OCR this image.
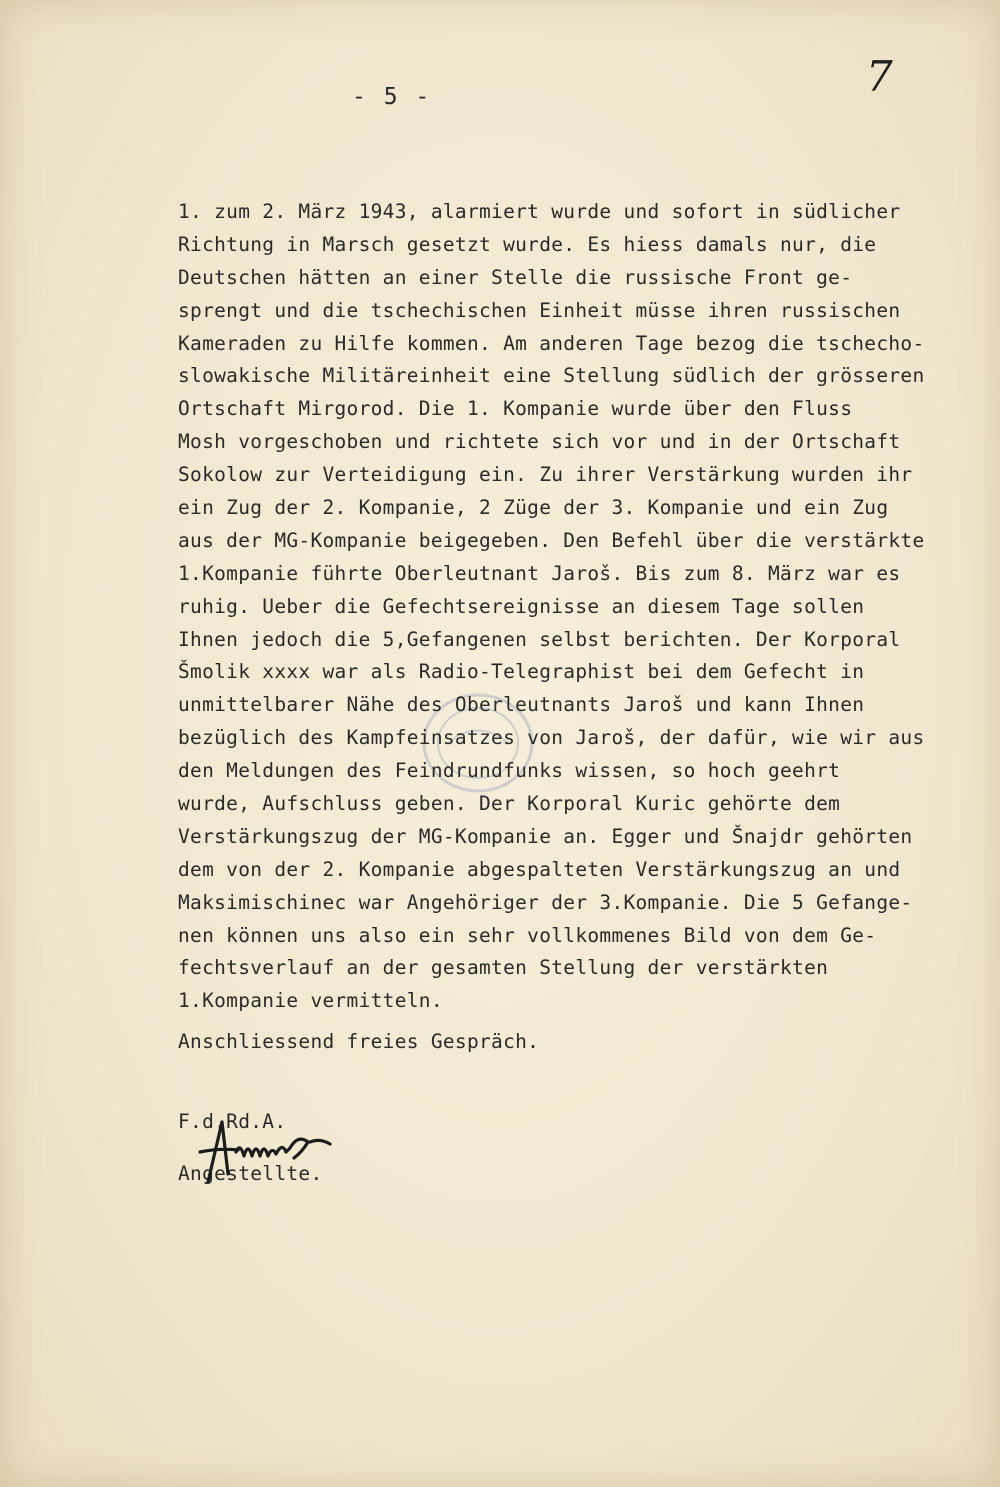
7
- 5 -
1. zum 2. März 1943, alarmiert wurde und sofort in südlicher
Richtung in Marsch gesetzt wurde. Es hiess damals nur, die
Deutschen hätten an einer Stelle die russische Front ge-
sprengt und die tschechischen Einheit müsse ihren russischen
Kameraden zu Hilfe kommen. Am anderen Tage bezog die tschecho-
slowakische Militäreinheit eine Stellung südlich der grösseren
Ortschaft Mirgorod. Die 1. Kompanie wurde über den Fluss
Mosh vorgeschoben und richtete sich vor und in der Ortschaft
Sokolow zur Verteidigung ein. Zu ihrer Verstärkung wurden ihr
ein Zug der 2. Kompanie, 2 Züge der 3. Kompanie und ein Zug
aus der MG-Kompanie beigegeben. Den Befehl über die verstärkte
1.Kompanie führte Oberleutnant Jaroš. Bis zum 8. März war es
ruhig. Ueber die Gefechtsereignisse an diesem Tage sollen
Ihnen jedoch die 5,Gefangenen selbst berichten. Der Korporal
Šmolik xxxx war als Radio-Telegraphist bei dem Gefecht in
unmittelbarer Nähe des Oberleutnants Jaroš und kann Ihnen
bezüglich des Kampfeinsatzes von Jaroš, der dafür, wie wir aus
den Meldungen des Feindrundfunks wissen, so hoch geehrt
wurde, Aufschluss geben. Der Korporal Kuric gehörte dem
Verstärkungszug der MG-Kompanie an. Egger und Šnajdr gehörten
dem von der 2. Kompanie abgespalteten Verstärkungszug an und
Maksimischinec war Angehöriger der 3.Kompanie. Die 5 Gefange-
nen können uns also ein sehr vollkommenes Bild von dem Ge-
fechtsverlauf an der gesamten Stellung der verstärkten
1.Kompanie vermitteln.
Anschliessend freies Gespräch.
F.d.Rd.A.
Angestellte.
